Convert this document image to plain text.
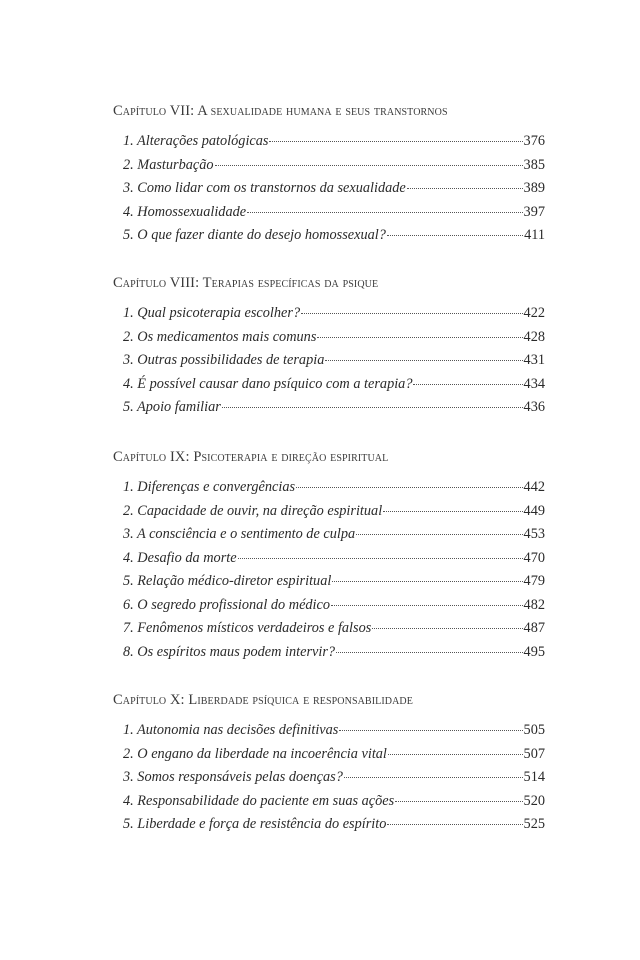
Capítulo VII: A sexualidade humana e seus transtornos
1. Alterações patológicas	376
2. Masturbação	385
3. Como lidar com os transtornos da sexualidade	389
4. Homossexualidade	397
5. O que fazer diante do desejo homossexual?	411
Capítulo VIII: Terapias específicas da psique
1. Qual psicoterapia escolher?	422
2. Os medicamentos mais comuns	428
3. Outras possibilidades de terapia	431
4. É possível causar dano psíquico com a terapia?	434
5. Apoio familiar	436
Capítulo IX: Psicoterapia e direção espiritual
1. Diferenças e convergências	442
2. Capacidade de ouvir, na direção espiritual	449
3. A consciência e o sentimento de culpa	453
4. Desafio da morte	470
5. Relação médico-diretor espiritual	479
6. O segredo profissional do médico	482
7. Fenômenos místicos verdadeiros e falsos	487
8. Os espíritos maus podem intervir?	495
Capítulo X: Liberdade psíquica e responsabilidade
1. Autonomia nas decisões definitivas	505
2. O engano da liberdade na incoerência vital	507
3. Somos responsáveis pelas doenças?	514
4. Responsabilidade do paciente em suas ações	520
5. Liberdade e força de resistência do espírito	525
